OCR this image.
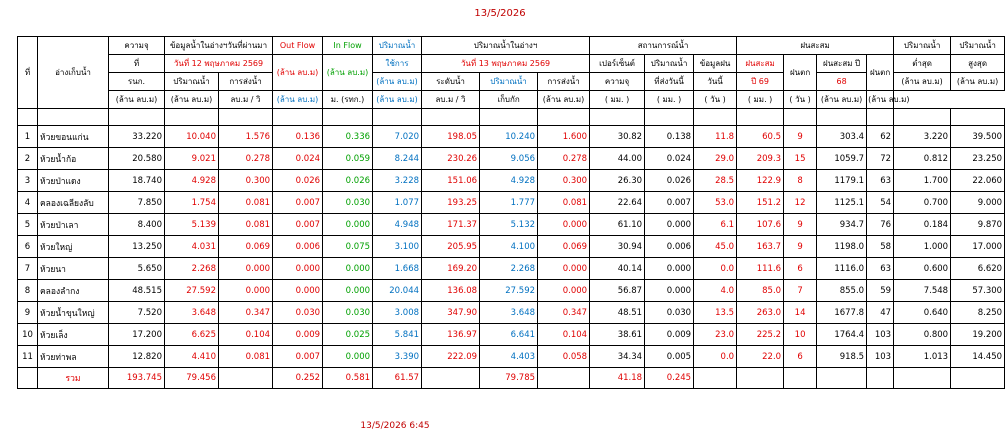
13/5/2026
ที่	อ่างเก็บน้ำ	ความจุ	ข้อมูลน้ำในอ่างฯวันที่ผ่านมา		Out Flow	In Flow	ปริมาณน้ำ	ปริมาณน้ำในอ่างฯ			สถานการณ์น้ำ			ฝนสะสม				ปริมาณน้ำ	ปริมาณน้ำ
		ที่	วันที่ 12 พฤษภาคม 2569		(ล้าน ลบ.ม)	(ล้าน ลบ.ม)	ใช้การ	วันที่ 13 พฤษภาคม 2569			เปอร์เซ็นต์	ปริมาณน้ำ	ข้อมูลฝน	ฝนสะสม	ฝนตก	ฝนสะสม ปี	ฝนตก	ต่ำสุด	สูงสุด
		รนก.	ปริมาณน้ำ	การส่งน้ำ			(ล้าน ลบ.ม)	ระดับน้ำ	ปริมาณน้ำ	การส่งน้ำ	ความจุ	ที่ส่งวันนี้	วันนี้	ปี 69		68		(ล้าน ลบ.ม)	(ล้าน ลบ.ม)
		(ล้าน ลบ.ม)	(ล้าน ลบ.ม)	ลบ.ม / วิ	(ล้าน ลบ.ม)	ม. (รทก.)	(ล้าน ลบ.ม)	ลบ.ม / วิ	เก็บกัก	(ล้าน ลบ.ม)	( มม. )	( มม. )	( วัน )	( มม. )	( วัน )	(ล้าน ลบ.ม)	(ล้าน ลบ.ม)		

1	ห้วยขอนแก่น	33.220	10.040	1.576	0.136	0.336	7.020	198.05	10.240	1.600	30.82	0.138	11.8	60.5	9	303.4	62	3.220	39.500
2	ห้วยน้ำก้อ	20.580	9.021	0.278	0.024	0.059	8.244	230.26	9.056	0.278	44.00	0.024	29.0	209.3	15	1059.7	72	0.812	23.250
3	ห้วยป่าแดง	18.740	4.928	0.300	0.026	0.026	3.228	151.06	4.928	0.300	26.30	0.026	28.5	122.9	8	1179.1	63	1.700	22.060
4	คลองเฉลียงลับ	7.850	1.754	0.081	0.007	0.030	1.077	193.25	1.777	0.081	22.64	0.007	53.0	151.2	12	1125.1	54	0.700	9.000
5	ห้วยป่าเลา	8.400	5.139	0.081	0.007	0.000	4.948	171.37	5.132	0.000	61.10	0.000	6.1	107.6	9	934.7	76	0.184	9.870
6	ห้วยใหญ่	13.250	4.031	0.069	0.006	0.075	3.100	205.95	4.100	0.069	30.94	0.006	45.0	163.7	9	1198.0	58	1.000	17.000
7	ห้วยนา	5.650	2.268	0.000	0.000	0.000	1.668	169.20	2.268	0.000	40.14	0.000	0.0	111.6	6	1116.0	63	0.600	6.620
8	คลองลำกง	48.515	27.592	0.000	0.000	0.000	20.044	136.08	27.592	0.000	56.87	0.000	4.0	85.0	7	855.0	59	7.548	57.300
9	ห้วยน้ำขุนใหญ่	7.520	3.648	0.347	0.030	0.030	3.008	347.90	3.648	0.347	48.51	0.030	13.5	263.0	14	1677.8	47	0.640	8.250
10	ห้วยเล็ง	17.200	6.625	0.104	0.009	0.025	5.841	136.97	6.641	0.104	38.61	0.009	23.0	225.2	10	1764.4	103	0.800	19.200
11	ห้วยท่าพล	12.820	4.410	0.081	0.007	0.000	3.390	222.09	4.403	0.058	34.34	0.005	0.0	22.0	6	918.5	103	1.013	14.450
	รวม	193.745	79.456		0.252	0.581	61.57		79.785		41.18	0.245							
13/5/2026 6:45
